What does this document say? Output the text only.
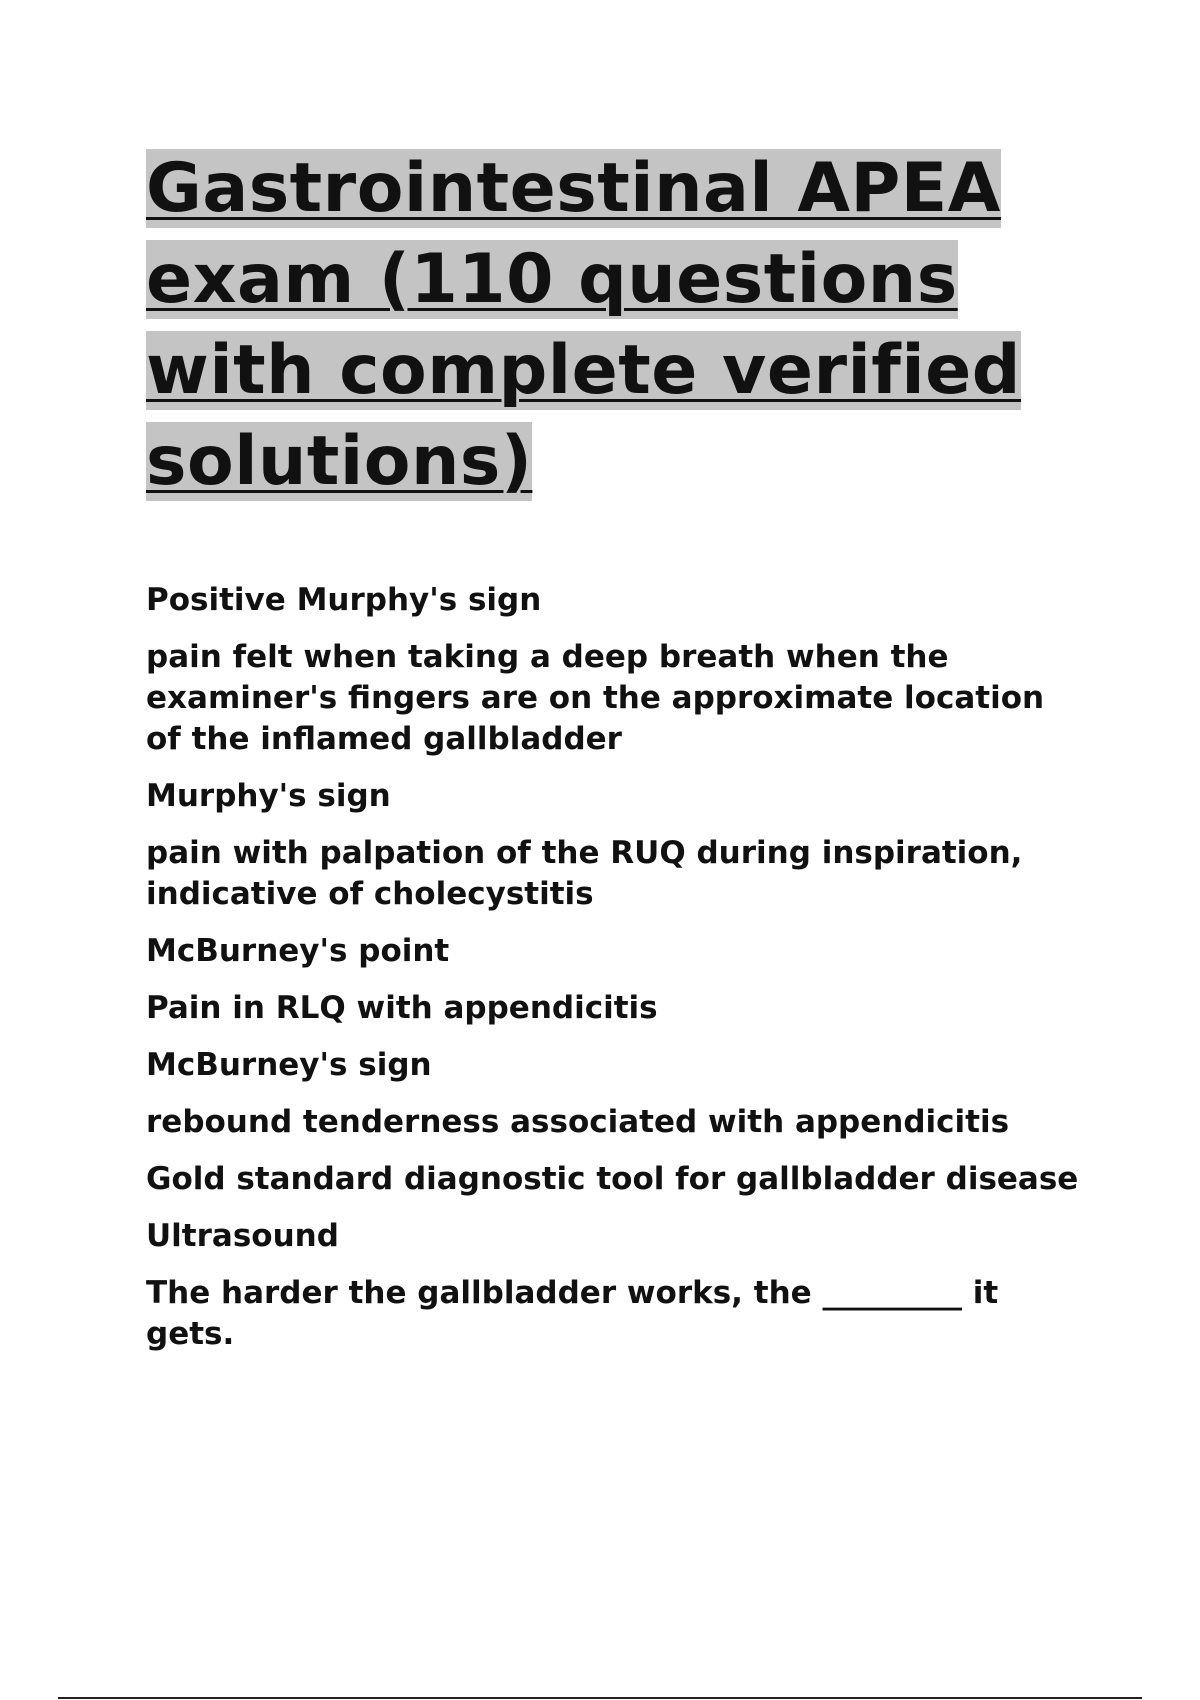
Gastrointestinal APEA exam (110 questions with complete verified solutions)

Positive Murphy's sign

pain felt when taking a deep breath when the examiner's fingers are on the approximate location of the inflamed gallbladder

Murphy's sign

pain with palpation of the RUQ during inspiration, indicative of cholecystitis

McBurney's point

Pain in RLQ with appendicitis

McBurney's sign

rebound tenderness associated with appendicitis

Gold standard diagnostic tool for gallbladder disease

Ultrasound

The harder the gallbladder works, the _________ it gets.
